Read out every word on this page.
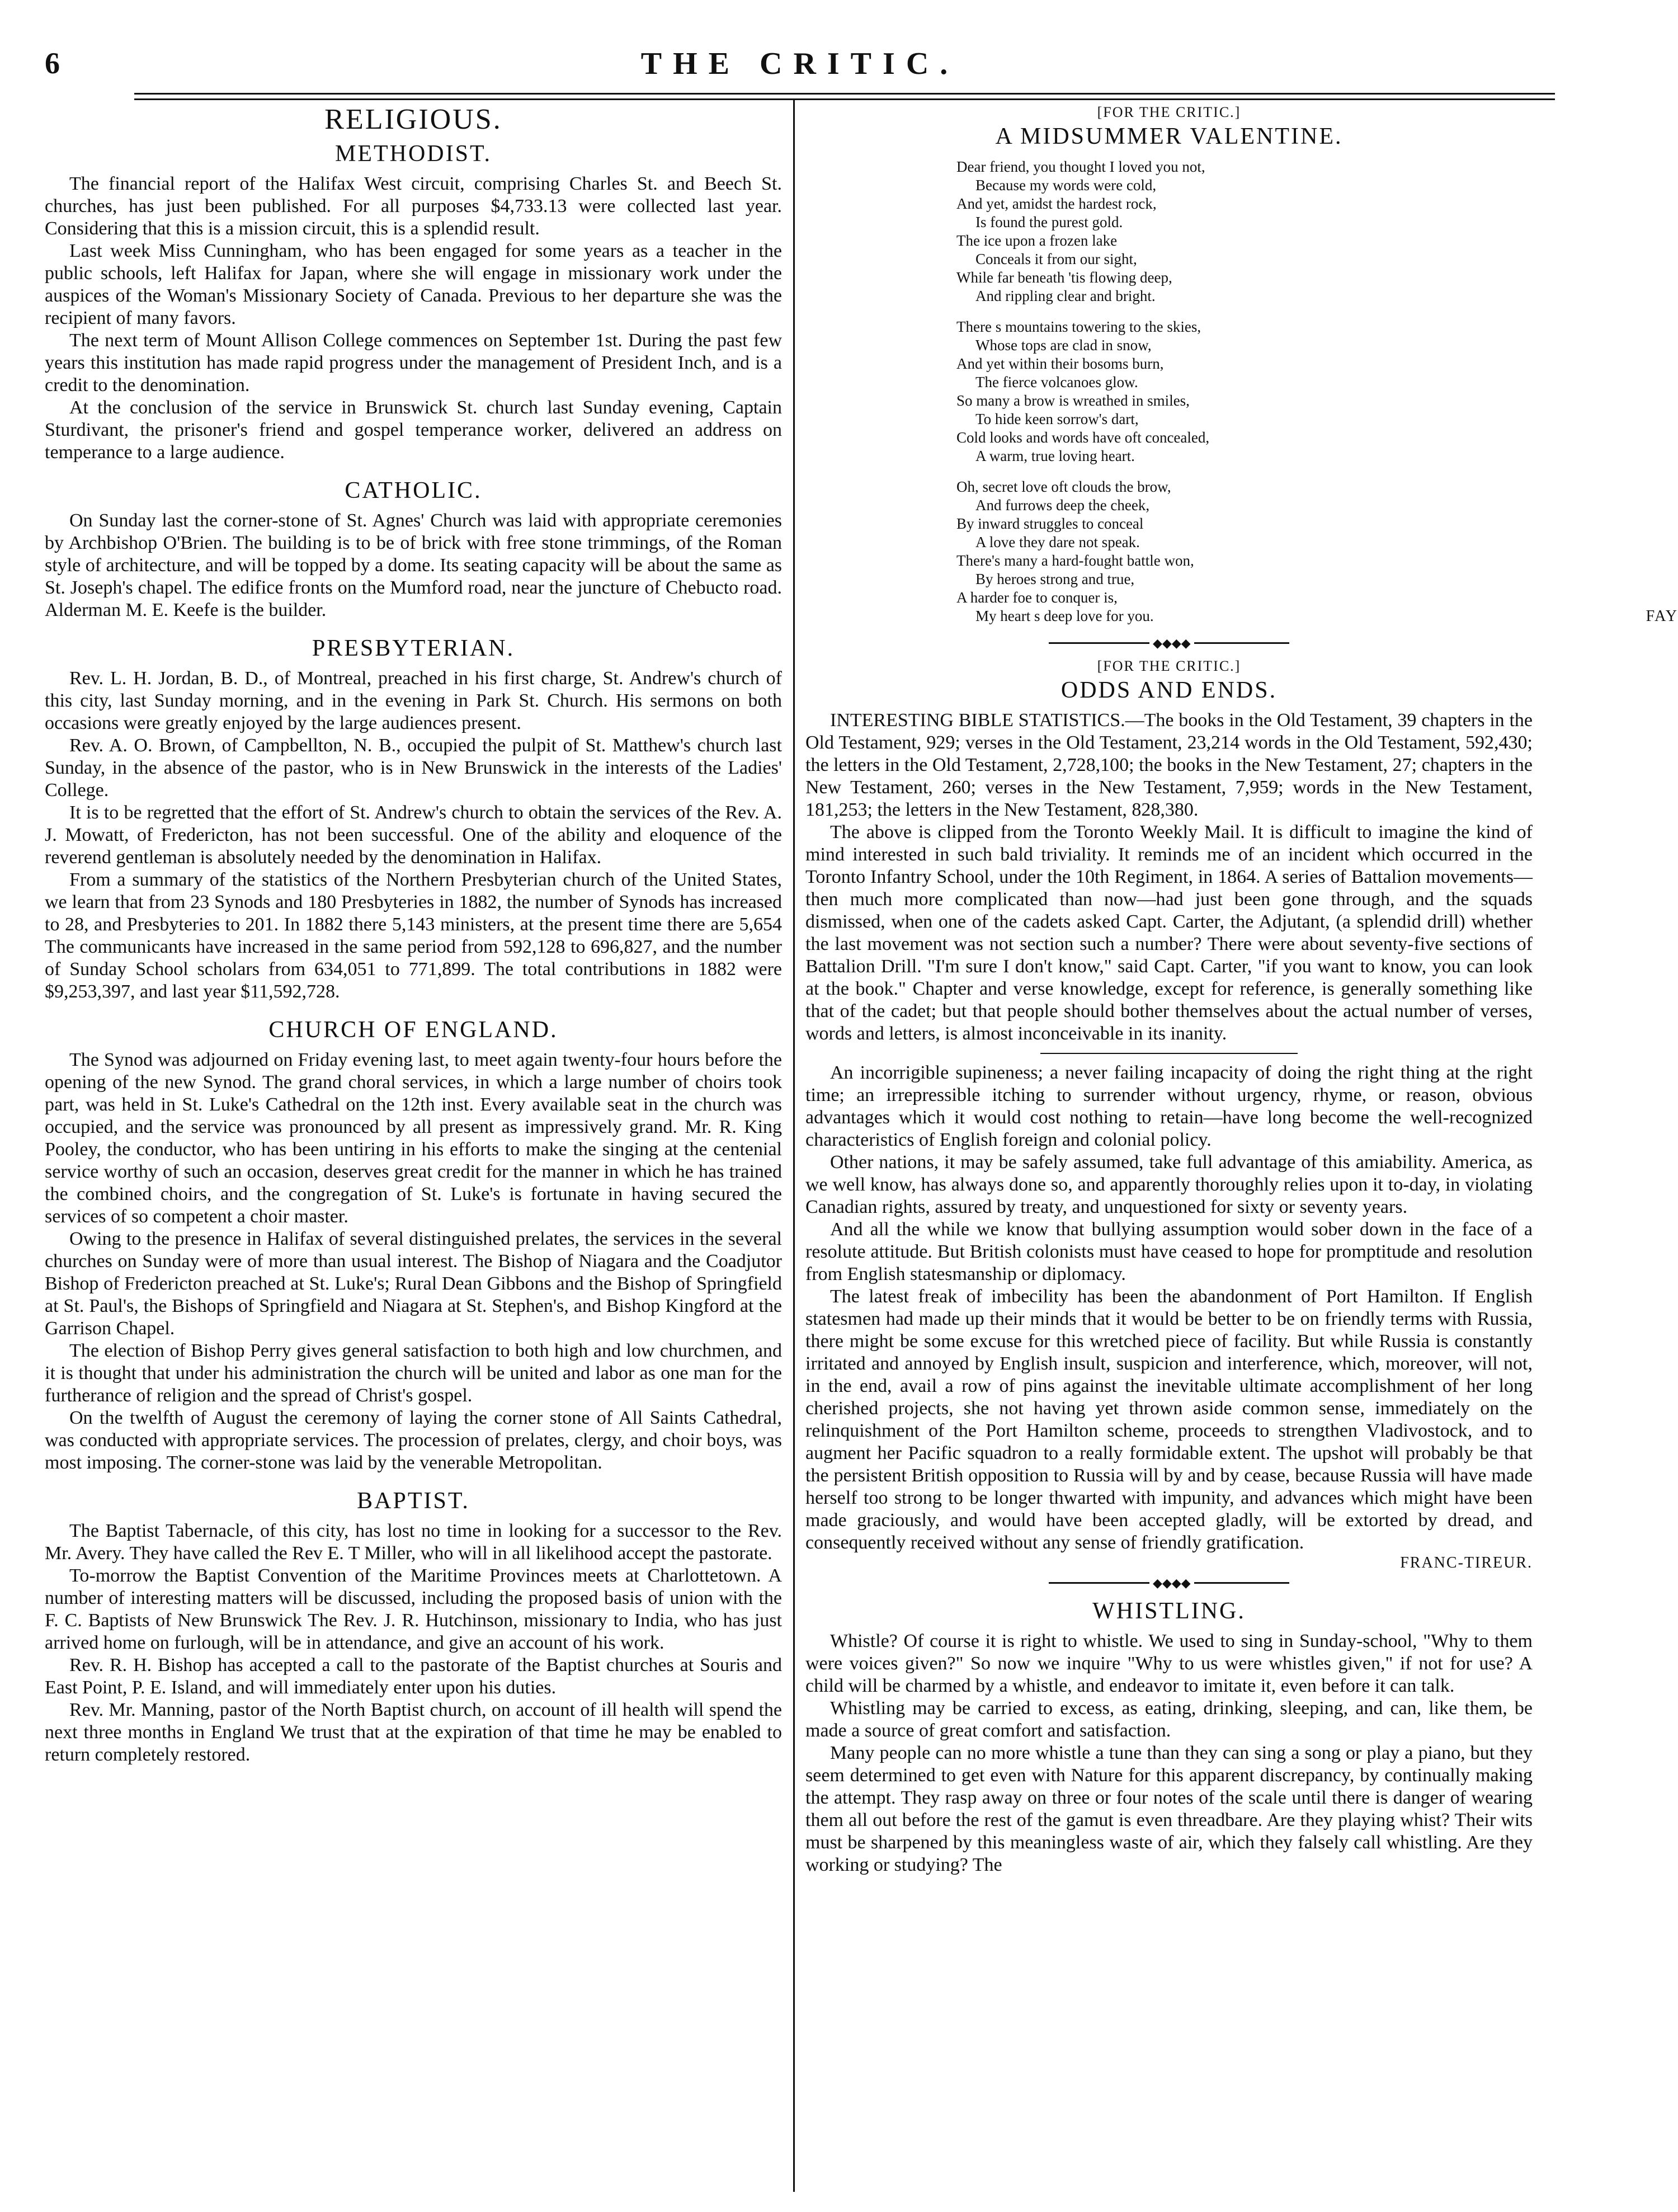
6	THE CRITIC.
RELIGIOUS.
METHODIST.

The financial report of the Halifax West circuit, comprising Charles St. and Beech St. churches, has just been published. For all purposes $4,733.13 were collected last year. Considering that this is a mission circuit, this is a splendid result.

Last week Miss Cunningham, who has been engaged for some years as a teacher in the public schools, left Halifax for Japan, where she will engage in missionary work under the auspices of the Woman's Missionary Society of Canada. Previous to her departure she was the recipient of many favors.

The next term of Mount Allison College commences on September 1st. During the past few years this institution has made rapid progress under the management of President Inch, and is a credit to the denomination.

At the conclusion of the service in Brunswick St. church last Sunday evening, Captain Sturdivant, the prisoner's friend and gospel temperance worker, delivered an address on temperance to a large audience.

CATHOLIC.

On Sunday last the corner-stone of St. Agnes' Church was laid with appropriate ceremonies by Archbishop O'Brien. The building is to be of brick with free stone trimmings, of the Roman style of architecture, and will be topped by a dome. Its seating capacity will be about the same as St. Joseph's chapel. The edifice fronts on the Mumford road, near the juncture of Chebucto road. Alderman M. E. Keefe is the builder.

PRESBYTERIAN.

Rev. L. H. Jordan, B. D., of Montreal, preached in his first charge, St. Andrew's church of this city, last Sunday morning, and in the evening in Park St. Church. His sermons on both occasions were greatly enjoyed by the large audiences present.

Rev. A. O. Brown, of Campbellton, N. B., occupied the pulpit of St. Matthew's church last Sunday, in the absence of the pastor, who is in New Brunswick in the interests of the Ladies' College.

It is to be regretted that the effort of St. Andrew's church to obtain the services of the Rev. A. J. Mowatt, of Fredericton, has not been successful. One of the ability and eloquence of the reverend gentleman is absolutely needed by the denomination in Halifax.

From a summary of the statistics of the Northern Presbyterian church of the United States, we learn that from 23 Synods and 180 Presbyteries in 1882, the number of Synods has increased to 28, and Presbyteries to 201. In 1882 there 5,143 ministers, at the present time there are 5,654 The communicants have increased in the same period from 592,128 to 696,827, and the number of Sunday School scholars from 634,051 to 771,899. The total contributions in 1882 were $9,253,397, and last year $11,592,728.

CHURCH OF ENGLAND.

The Synod was adjourned on Friday evening last, to meet again twenty-four hours before the opening of the new Synod. The grand choral services, in which a large number of choirs took part, was held in St. Luke's Cathedral on the 12th inst. Every available seat in the church was occupied, and the service was pronounced by all present as impressively grand. Mr. R. King Pooley, the conductor, who has been untiring in his efforts to make the singing at the centenial service worthy of such an occasion, deserves great credit for the manner in which he has trained the combined choirs, and the congregation of St. Luke's is fortunate in having secured the services of so competent a choir master.

Owing to the presence in Halifax of several distinguished prelates, the services in the several churches on Sunday were of more than usual interest. The Bishop of Niagara and the Coadjutor Bishop of Fredericton preached at St. Luke's; Rural Dean Gibbons and the Bishop of Springfield at St. Paul's, the Bishops of Springfield and Niagara at St. Stephen's, and Bishop Kingford at the Garrison Chapel.

The election of Bishop Perry gives general satisfaction to both high and low churchmen, and it is thought that under his administration the church will be united and labor as one man for the furtherance of religion and the spread of Christ's gospel.

On the twelfth of August the ceremony of laying the corner stone of All Saints Cathedral, was conducted with appropriate services. The procession of prelates, clergy, and choir boys, was most imposing. The corner-stone was laid by the venerable Metropolitan.

BAPTIST.

The Baptist Tabernacle, of this city, has lost no time in looking for a successor to the Rev. Mr. Avery. They have called the Rev E. T Miller, who will in all likelihood accept the pastorate.

To-morrow the Baptist Convention of the Maritime Provinces meets at Charlottetown. A number of interesting matters will be discussed, including the proposed basis of union with the F. C. Baptists of New Brunswick The Rev. J. R. Hutchinson, missionary to India, who has just arrived home on furlough, will be in attendance, and give an account of his work.

Rev. R. H. Bishop has accepted a call to the pastorate of the Baptist churches at Souris and East Point, P. E. Island, and will immediately enter upon his duties.

Rev. Mr. Manning, pastor of the North Baptist church, on account of ill health will spend the next three months in England We trust that at the expiration of that time he may be enabled to return completely restored.

[FOR THE CRITIC.]
A MIDSUMMER VALENTINE.
Dear friend, you thought I loved you not,
Because my words were cold,
And yet, amidst the hardest rock,
Is found the purest gold.
The ice upon a frozen lake
Conceals it from our sight,
While far beneath 'tis flowing deep,
And rippling clear and bright.
There s mountains towering to the skies,
Whose tops are clad in snow,
And yet within their bosoms burn,
The fierce volcanoes glow.
So many a brow is wreathed in smiles,
To hide keen sorrow's dart,
Cold looks and words have oft concealed,
A warm, true loving heart.
Oh, secret love oft clouds the brow,
And furrows deep the cheek,
By inward struggles to conceal
A love they dare not speak.
There's many a hard-fought battle won,
By heroes strong and true,
A harder foe to conquer is,
My heart s deep love for you.	FAY
◆◆◆◆
[FOR THE CRITIC.]
ODDS AND ENDS.

INTERESTING BIBLE STATISTICS.—The books in the Old Testament, 39 chapters in the Old Testament, 929; verses in the Old Testament, 23,214 words in the Old Testament, 592,430; the letters in the Old Testament, 2,728,100; the books in the New Testament, 27; chapters in the New Testament, 260; verses in the New Testament, 7,959; words in the New Testament, 181,253; the letters in the New Testament, 828,380.

The above is clipped from the Toronto Weekly Mail. It is difficult to imagine the kind of mind interested in such bald triviality. It reminds me of an incident which occurred in the Toronto Infantry School, under the 10th Regiment, in 1864. A series of Battalion movements—then much more complicated than now—had just been gone through, and the squads dismissed, when one of the cadets asked Capt. Carter, the Adjutant, (a splendid drill) whether the last movement was not section such a number? There were about seventy-five sections of Battalion Drill. "I'm sure I don't know," said Capt. Carter, "if you want to know, you can look at the book." Chapter and verse knowledge, except for reference, is generally something like that of the cadet; but that people should bother themselves about the actual number of verses, words and letters, is almost inconceivable in its inanity.

An incorrigible supineness; a never failing incapacity of doing the right thing at the right time; an irrepressible itching to surrender without urgency, rhyme, or reason, obvious advantages which it would cost nothing to retain—have long become the well-recognized characteristics of English foreign and colonial policy.

Other nations, it may be safely assumed, take full advantage of this amiability. America, as we well know, has always done so, and apparently thoroughly relies upon it to-day, in violating Canadian rights, assured by treaty, and unquestioned for sixty or seventy years.

And all the while we know that bullying assumption would sober down in the face of a resolute attitude. But British colonists must have ceased to hope for promptitude and resolution from English statesmanship or diplomacy.

The latest freak of imbecility has been the abandonment of Port Hamilton. If English statesmen had made up their minds that it would be better to be on friendly terms with Russia, there might be some excuse for this wretched piece of facility. But while Russia is constantly irritated and annoyed by English insult, suspicion and interference, which, moreover, will not, in the end, avail a row of pins against the inevitable ultimate accomplishment of her long cherished projects, she not having yet thrown aside common sense, immediately on the relinquishment of the Port Hamilton scheme, proceeds to strengthen Vladivostock, and to augment her Pacific squadron to a really formidable extent. The upshot will probably be that the persistent British opposition to Russia will by and by cease, because Russia will have made herself too strong to be longer thwarted with impunity, and advances which might have been made graciously, and would have been accepted gladly, will be extorted by dread, and consequently received without any sense of friendly gratification.

FRANC-TIREUR.
◆◆◆◆
WHISTLING.

Whistle? Of course it is right to whistle. We used to sing in Sunday-school, "Why to them were voices given?" So now we inquire "Why to us were whistles given," if not for use? A child will be charmed by a whistle, and endeavor to imitate it, even before it can talk.

Whistling may be carried to excess, as eating, drinking, sleeping, and can, like them, be made a source of great comfort and satisfaction.

Many people can no more whistle a tune than they can sing a song or play a piano, but they seem determined to get even with Nature for this apparent discrepancy, by continually making the attempt. They rasp away on three or four notes of the scale until there is danger of wearing them all out before the rest of the gamut is even threadbare. Are they playing whist? Their wits must be sharpened by this meaningless waste of air, which they falsely call whistling. Are they working or studying? The
